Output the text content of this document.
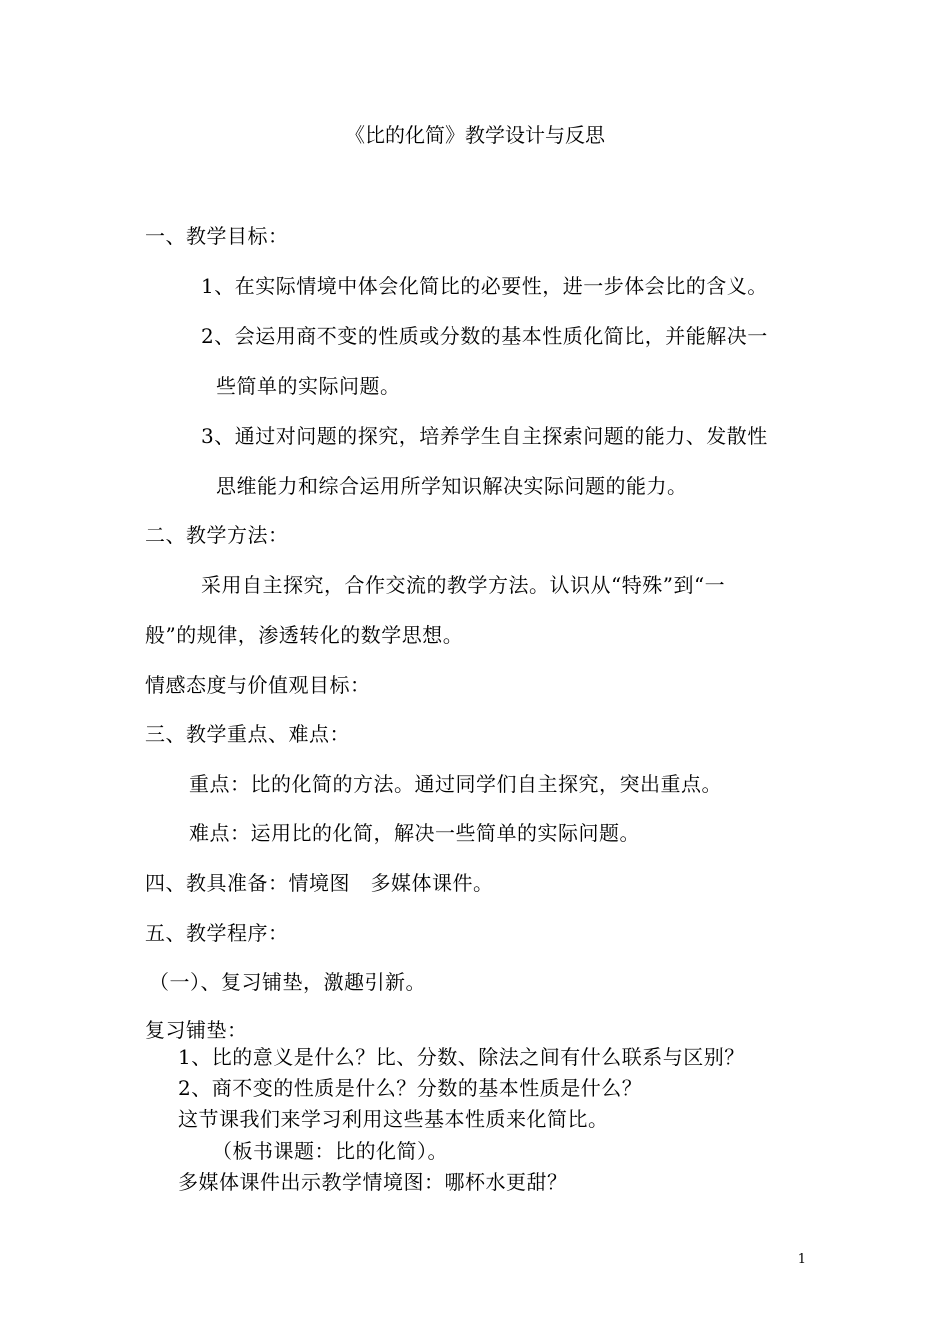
《比的化简》教学设计与反思
一、教学目标：
1、在实际情境中体会化简比的必要性，进一步体会比的含义。
2、会运用商不变的性质或分数的基本性质化简比，并能解决一
些简单的实际问题。
3、通过对问题的探究，培养学生自主探索问题的能力、发散性
思维能力和综合运用所学知识解决实际问题的能力。
二、教学方法：
采用自主探究，合作交流的教学方法。认识从“特殊”到“一
般”的规律，渗透转化的数学思想。
情感态度与价值观目标：
三、教学重点、难点：
重点：比的化简的方法。通过同学们自主探究，突出重点。
难点：运用比的化简，解决一些简单的实际问题。
四、教具准备：情境图　多媒体课件。
五、教学程序：
（一）、复习铺垫，激趣引新。
复习铺垫：
1、比的意义是什么？比、分数、除法之间有什么联系与区别？
2、商不变的性质是什么？分数的基本性质是什么？
这节课我们来学习利用这些基本性质来化简比。
（板书课题：比的化简）。
多媒体课件出示教学情境图：哪杯水更甜？
1
